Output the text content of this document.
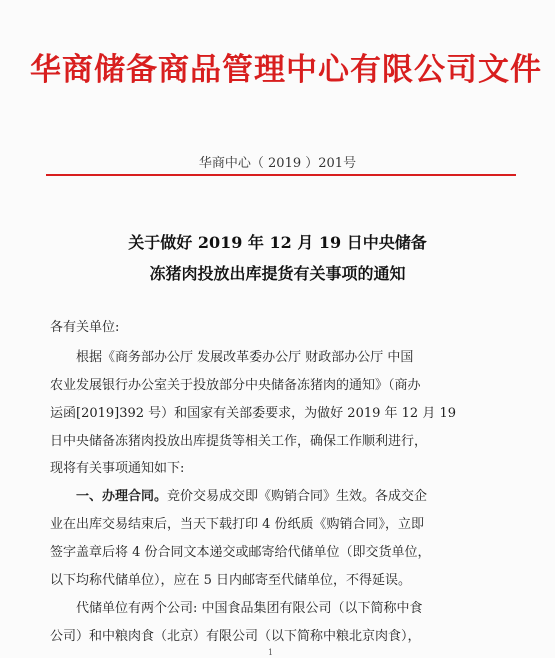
华商储备商品管理中心有限公司文件
华商中心（ 2019 ）201号
关于做好 2019 年 12 月 19 日中央储备
冻猪肉投放出库提货有关事项的通知
各有关单位:
根据《商务部办公厅 发展改革委办公厅 财政部办公厅 中国
农业发展银行办公室关于投放部分中央储备冻猪肉的通知》（商办
运函[2019]392 号）和国家有关部委要求，为做好 2019 年 12 月 19
日中央储备冻猪肉投放出库提货等相关工作，确保工作顺利进行，
现将有关事项通知如下:
一、办理合同。竞价交易成交即《购销合同》生效。各成交企
业在出库交易结束后，当天下载打印 4 份纸质《购销合同》，立即
签字盖章后将 4 份合同文本递交或邮寄给代储单位（即交货单位，
以下均称代储单位），应在 5 日内邮寄至代储单位，不得延误。
代储单位有两个公司: 中国食品集团有限公司（以下简称中食
公司）和中粮肉食（北京）有限公司（以下简称中粮北京肉食），
1
